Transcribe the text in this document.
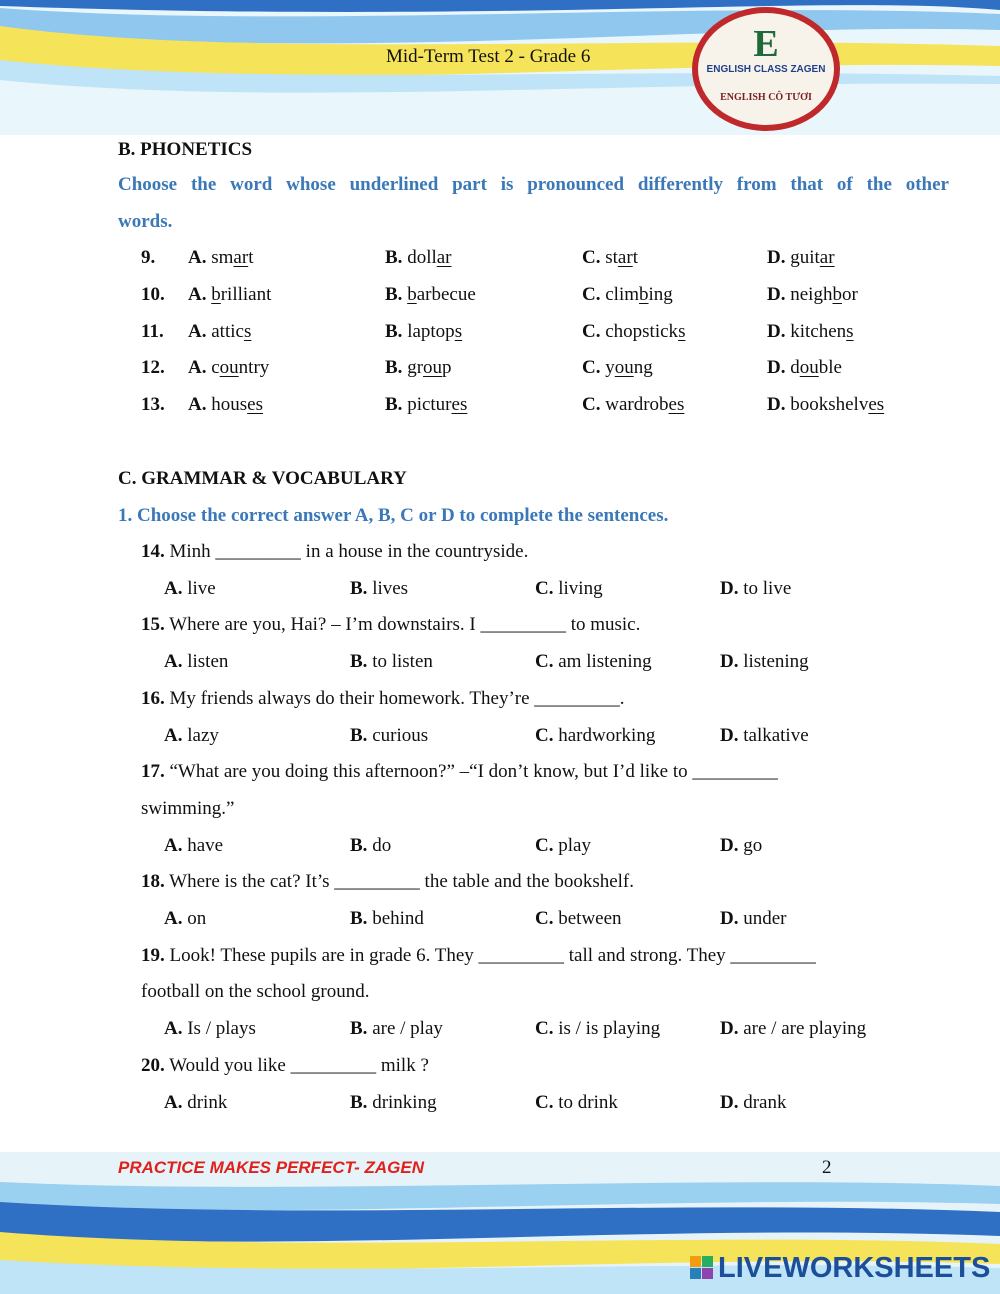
Mid-Term Test 2 - Grade 6	E
ENGLISH CLASS ZAGEN
ENGLISH CÔ TƯƠI
B. PHONETICS
Choose the word whose underlined part is pronounced differently from that of the other
words.
9. A. smart	B. dollar	C. start	D. guitar
10. A. brilliant	B. barbecue	C. climbing	D. neighbor
11. A. attics	B. laptops	C. chopsticks	D. kitchens
12. A. country	B. group	C. young	D. double
13. A. houses	B. pictures	C. wardrobes	D. bookshelves
C. GRAMMAR & VOCABULARY
1. Choose the correct answer A, B, C or D to complete the sentences.
14. Minh _________ in a house in the countryside.
A. live	B. lives	C. living	D. to live
15. Where are you, Hai? – I’m downstairs. I _________ to music.
A. listen	B. to listen	C. am listening	D. listening
16. My friends always do their homework. They’re _________.
A. lazy	B. curious	C. hardworking	D. talkative
17. “What are you doing this afternoon?” –“I don’t know, but I’d like to _________
swimming.”
A. have	B. do	C. play	D. go
18. Where is the cat? It’s _________ the table and the bookshelf.
A. on	B. behind	C. between	D. under
19. Look! These pupils are in grade 6. They _________ tall and strong. They _________
football on the school ground.
A. Is / plays	B. are / play	C. is / is playing	D. are / are playing
20. Would you like _________ milk ?
A. drink	B. drinking	C. to drink	D. drank
PRACTICE MAKES PERFECT- ZAGEN	2
LIVEWORKSHEETS
